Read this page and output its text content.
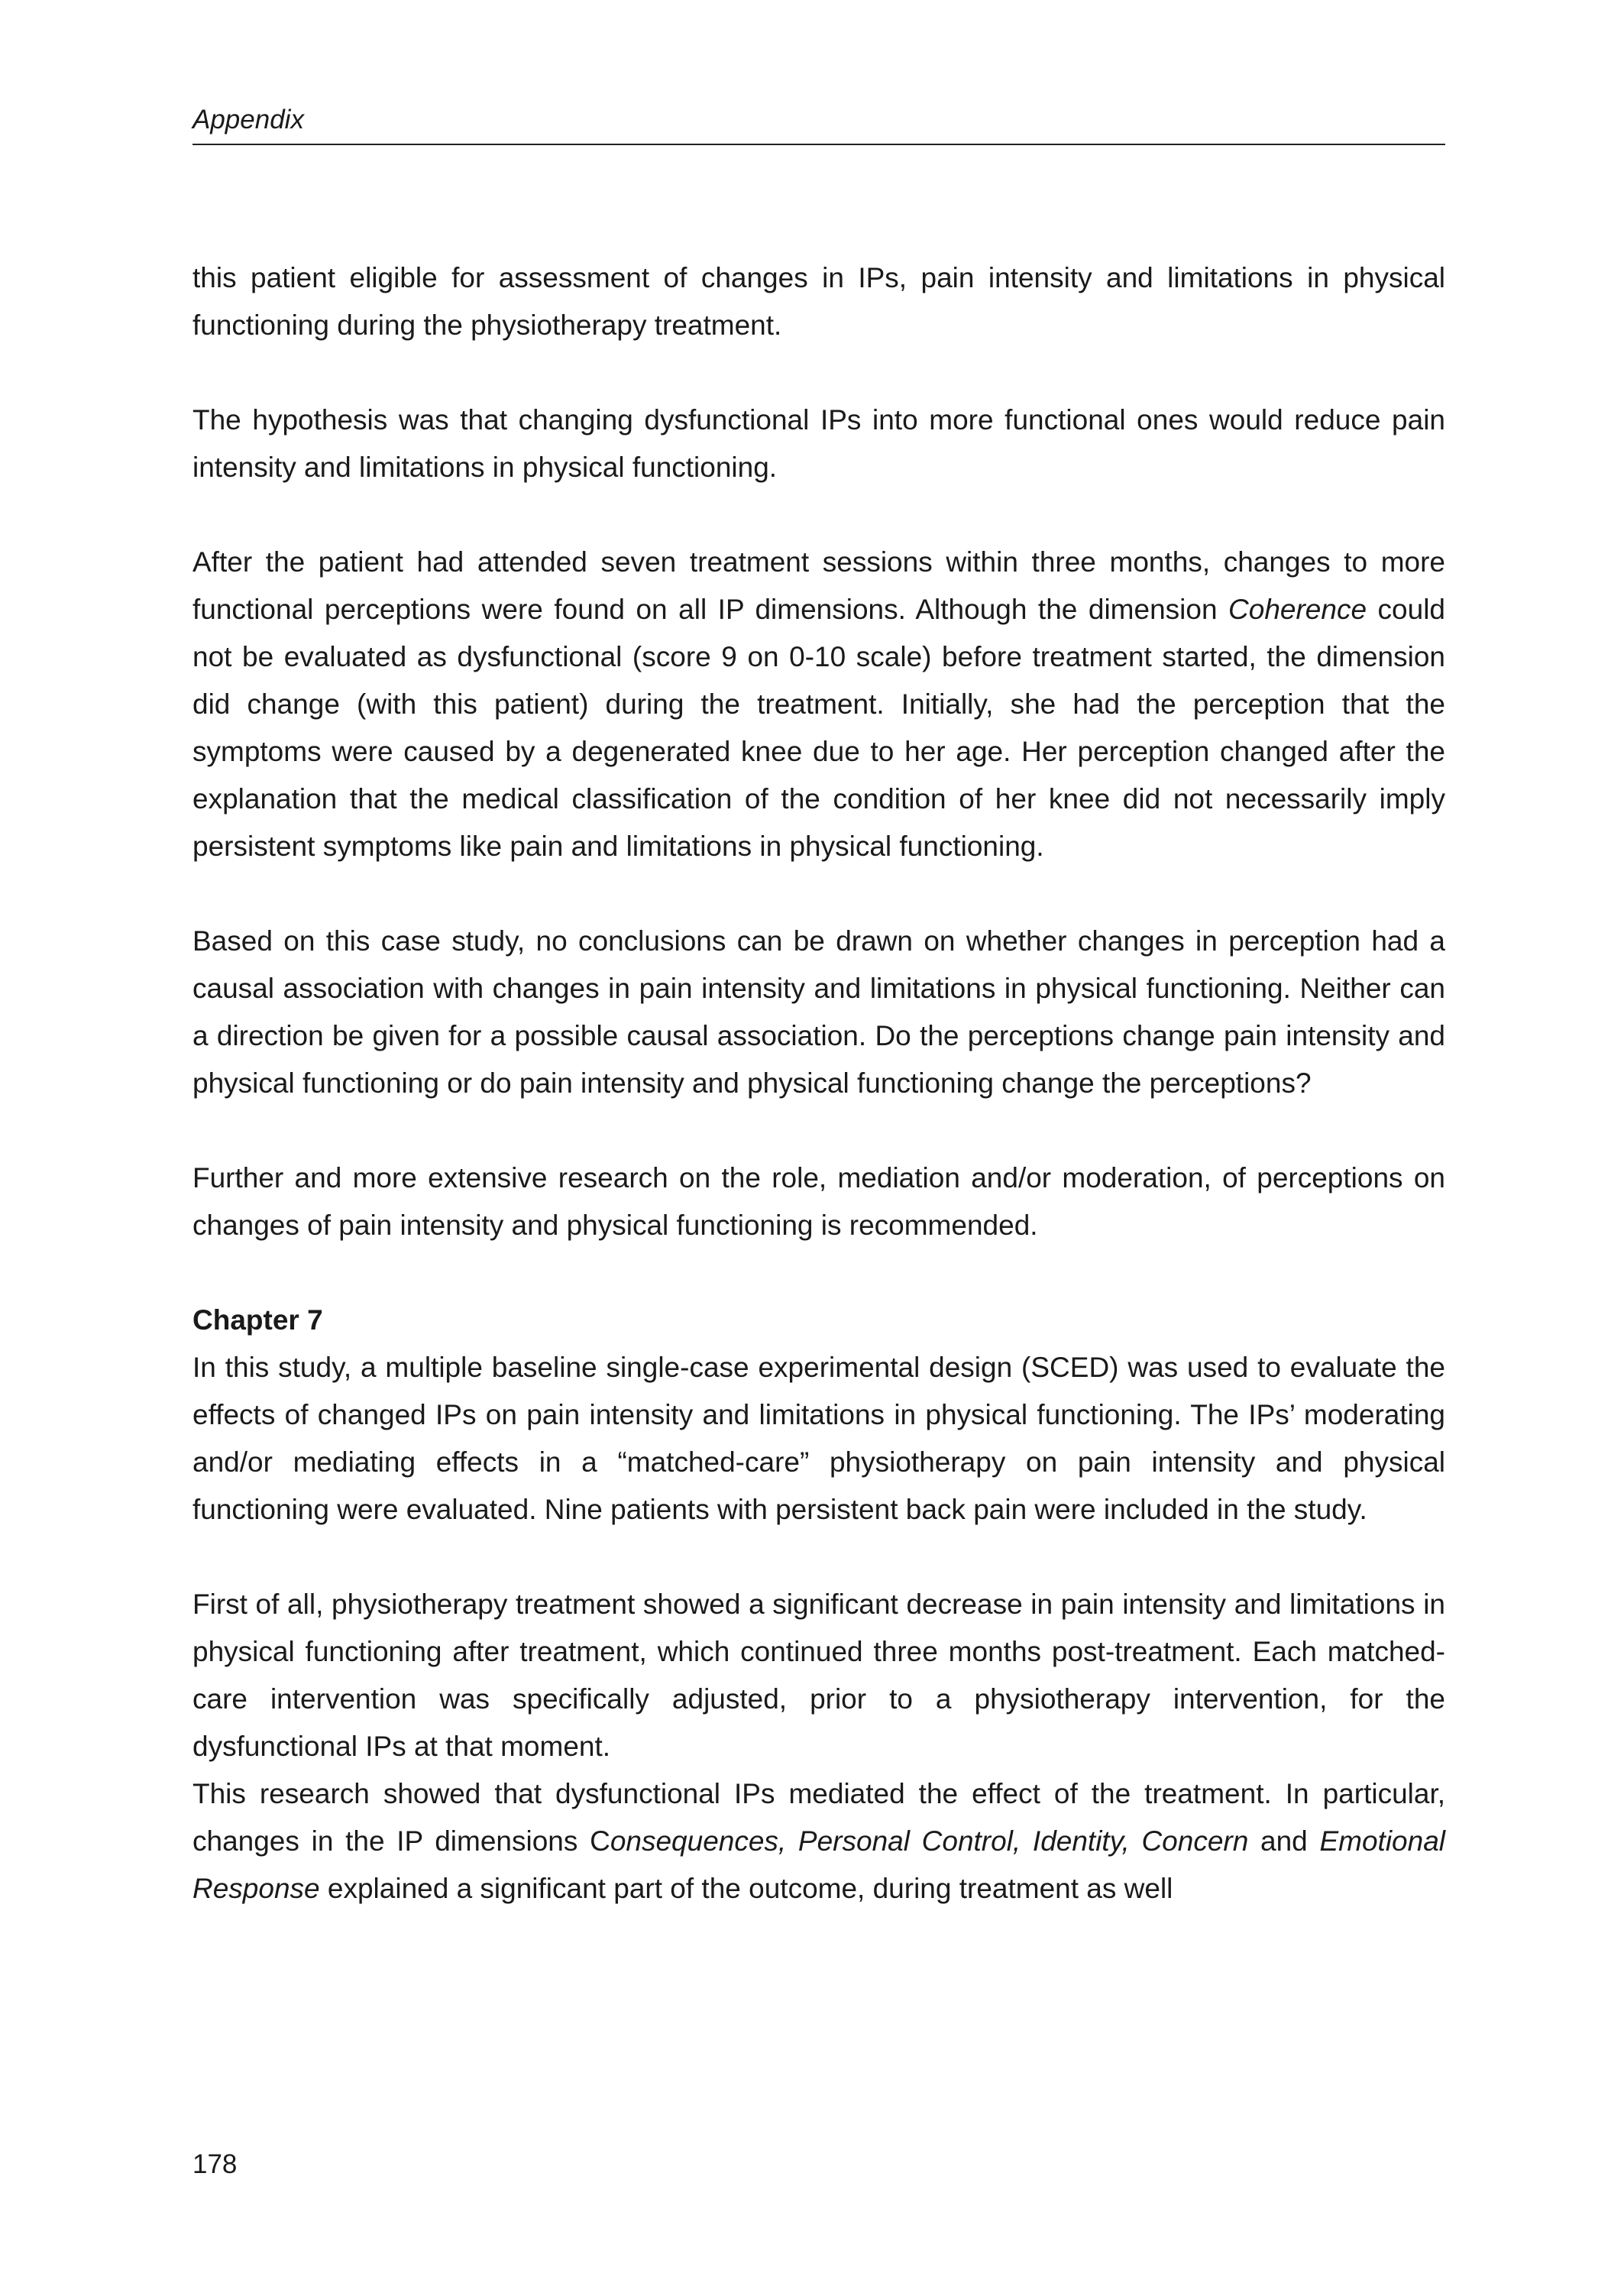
Appendix

this patient eligible for assessment of changes in IPs, pain intensity and limitations in physical functioning during the physiotherapy treatment.

The hypothesis was that changing dysfunctional IPs into more functional ones would reduce pain intensity and limitations in physical functioning.

After the patient had attended seven treatment sessions within three months, changes to more functional perceptions were found on all IP dimensions. Although the dimension Coherence could not be evaluated as dysfunctional (score 9 on 0-10 scale) before treatment started, the dimension did change (with this patient) during the treatment. Initially, she had the perception that the symptoms were caused by a degenerated knee due to her age. Her perception changed after the explanation that the medical classification of the condition of her knee did not necessarily imply persistent symptoms like pain and limitations in physical functioning.

Based on this case study, no conclusions can be drawn on whether changes in perception had a causal association with changes in pain intensity and limitations in physical functioning. Neither can a direction be given for a possible causal association. Do the perceptions change pain intensity and physical functioning or do pain intensity and physical functioning change the perceptions?

Further and more extensive research on the role, mediation and/or moderation, of perceptions on changes of pain intensity and physical functioning is recommended.

Chapter 7

In this study, a multiple baseline single-case experimental design (SCED) was used to evaluate the effects of changed IPs on pain intensity and limitations in physical functioning. The IPs’ moderating and/or mediating effects in a “matched-care” physiotherapy on pain intensity and physical functioning were evaluated. Nine patients with persistent back pain were included in the study.

First of all, physiotherapy treatment showed a significant decrease in pain intensity and limitations in physical functioning after treatment, which continued three months post-treatment. Each matched-care intervention was specifically adjusted, prior to a physiotherapy intervention, for the dysfunctional IPs at that moment.

This research showed that dysfunctional IPs mediated the effect of the treatment. In particular, changes in the IP dimensions Consequences, Personal Control, Identity, Concern and Emotional Response explained a significant part of the outcome, during treatment as well

178
